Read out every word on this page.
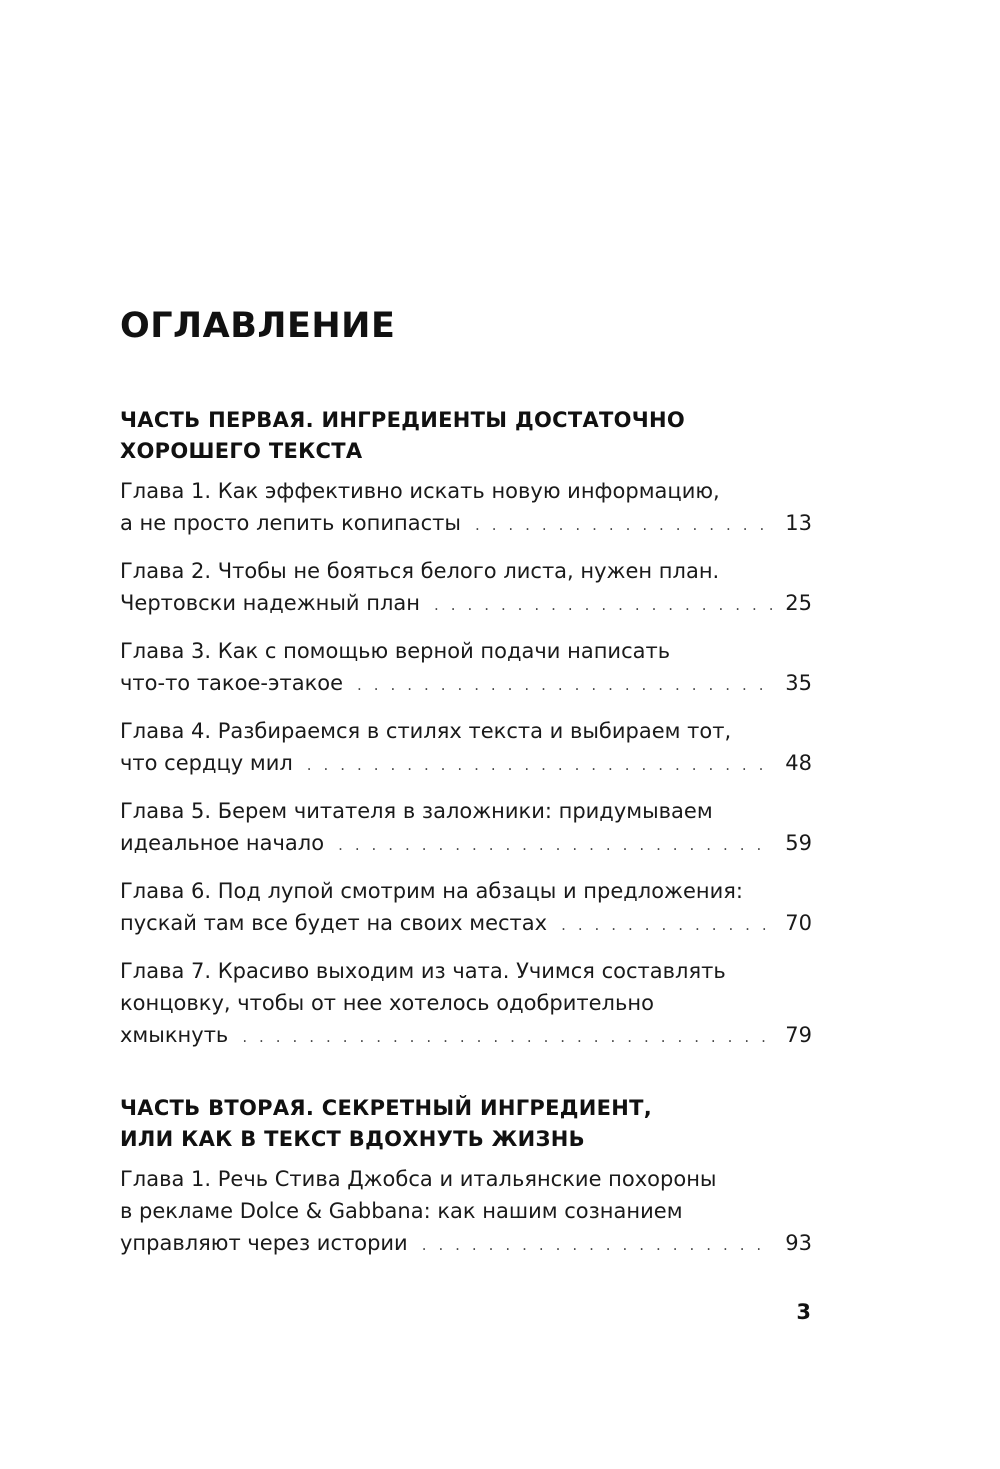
ОГЛАВЛЕНИЕ
ЧАСТЬ ПЕРВАЯ. ИНГРЕДИЕНТЫ ДОСТАТОЧНО
ХОРОШЕГО ТЕКСТА
Глава 1. Как эффективно искать новую информацию,
а не просто лепить копипасты . . .	13
Глава 2. Чтобы не бояться белого листа, нужен план.
Чертовски надежный план . . .	25
Глава 3. Как с помощью верной подачи написать
что-то такое-этакое . . .	35
Глава 4. Разбираемся в стилях текста и выбираем тот,
что сердцу мил . . .	48
Глава 5. Берем читателя в заложники: придумываем
идеальное начало . . .	59
Глава 6. Под лупой смотрим на абзацы и предложения:
пускай там все будет на своих местах . . .	70
Глава 7. Красиво выходим из чата. Учимся составлять
концовку, чтобы от нее хотелось одобрительно
хмыкнуть . . .	79
ЧАСТЬ ВТОРАЯ. СЕКРЕТНЫЙ ИНГРЕДИЕНТ,
ИЛИ КАК В ТЕКСТ ВДОХНУТЬ ЖИЗНЬ
Глава 1. Речь Стива Джобса и итальянские похороны
в рекламе Dolce & Gabbana: как нашим сознанием
управляют через истории . . .	93
3
